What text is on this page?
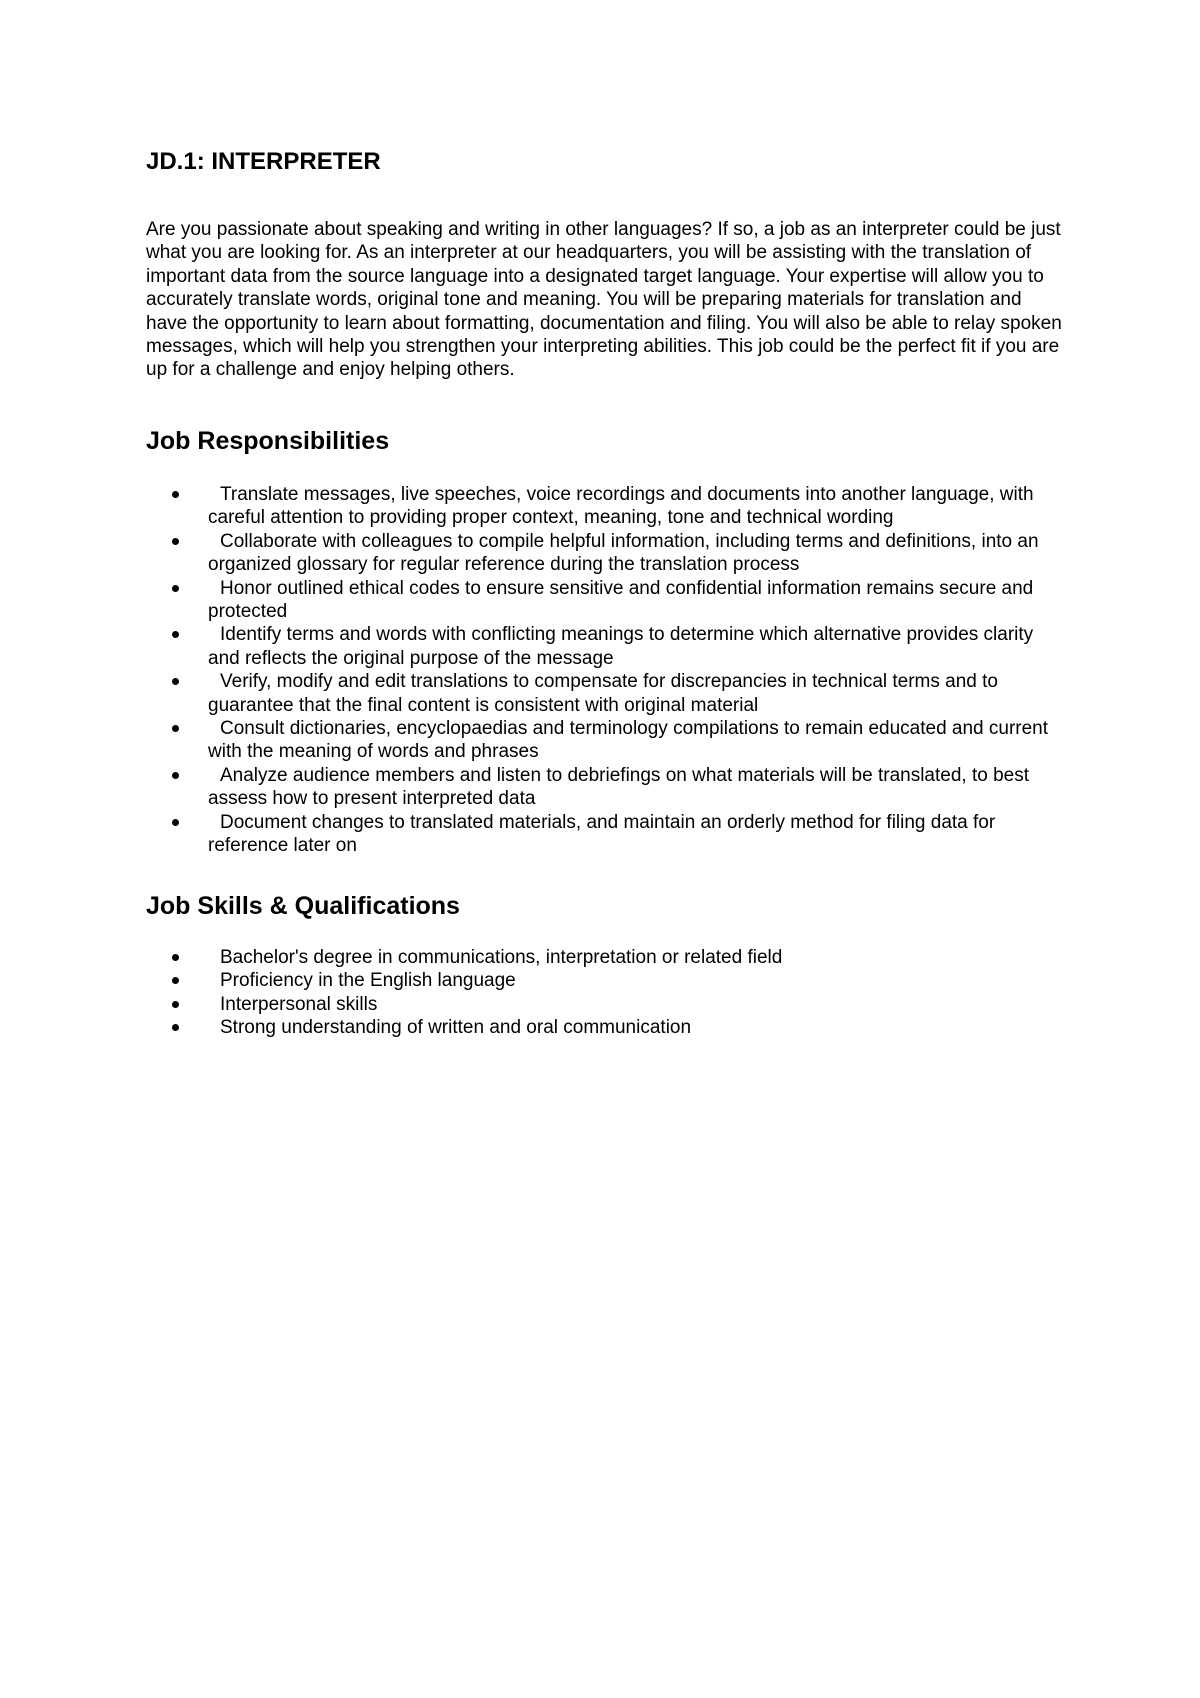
JD.1: INTERPRETER

Are you passionate about speaking and writing in other languages? If so, a job as an interpreter could be just what you are looking for. As an interpreter at our headquarters, you will be assisting with the translation of important data from the source language into a designated target language. Your expertise will allow you to accurately translate words, original tone and meaning. You will be preparing materials for translation and have the opportunity to learn about formatting, documentation and filing. You will also be able to relay spoken messages, which will help you strengthen your interpreting abilities. This job could be the perfect fit if you are up for a challenge and enjoy helping others.

Job Responsibilities
Translate messages, live speeches, voice recordings and documents into another language, with careful attention to providing proper context, meaning, tone and technical wording
Collaborate with colleagues to compile helpful information, including terms and definitions, into an organized glossary for regular reference during the translation process
Honor outlined ethical codes to ensure sensitive and confidential information remains secure and protected
Identify terms and words with conflicting meanings to determine which alternative provides clarity and reflects the original purpose of the message
Verify, modify and edit translations to compensate for discrepancies in technical terms and to guarantee that the final content is consistent with original material
Consult dictionaries, encyclopaedias and terminology compilations to remain educated and current with the meaning of words and phrases
Analyze audience members and listen to debriefings on what materials will be translated, to best assess how to present interpreted data
Document changes to translated materials, and maintain an orderly method for filing data for reference later on
Job Skills & Qualifications
Bachelor's degree in communications, interpretation or related field
Proficiency in the English language
Interpersonal skills
Strong understanding of written and oral communication
